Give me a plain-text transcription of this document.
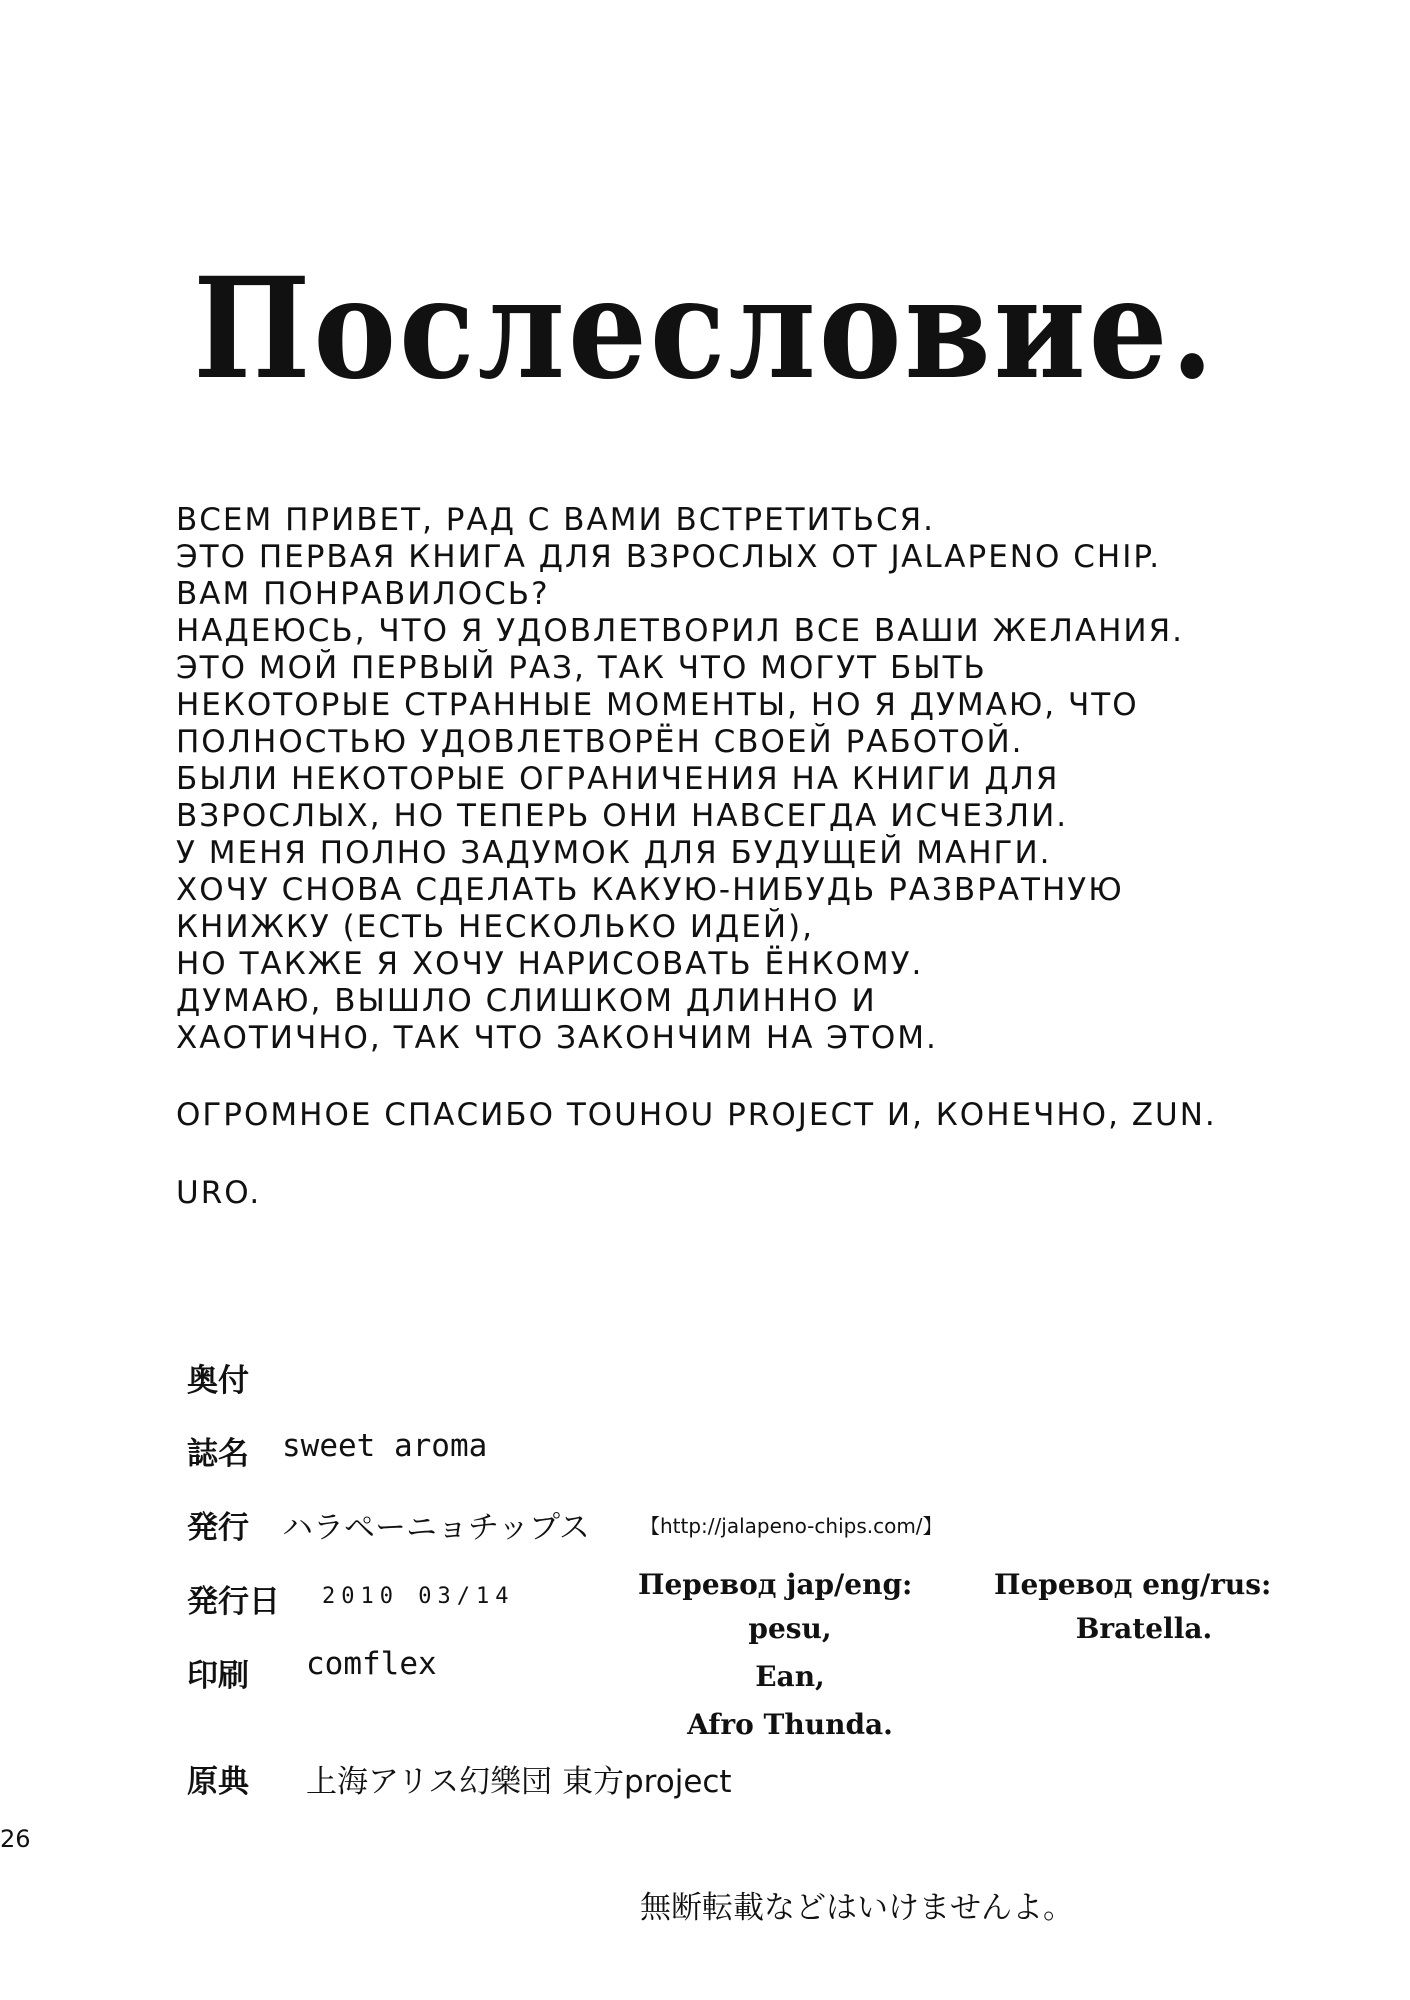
Послесловие.
ВСЕМ ПРИВЕТ, РАД С ВАМИ ВСТРЕТИТЬСЯ.
ЭТО ПЕРВАЯ КНИГА ДЛЯ ВЗРОСЛЫХ ОТ JALAPENO CHIP.
ВАМ ПОНРАВИЛОСЬ?
НАДЕЮСЬ, ЧТО Я УДОВЛЕТВОРИЛ ВСЕ ВАШИ ЖЕЛАНИЯ.
ЭТО МОЙ ПЕРВЫЙ РАЗ, ТАК ЧТО МОГУТ БЫТЬ
НЕКОТОРЫЕ СТРАННЫЕ МОМЕНТЫ, НО Я ДУМАЮ, ЧТО
ПОЛНОСТЬЮ УДОВЛЕТВОРЁН СВОЕЙ РАБОТОЙ.
БЫЛИ НЕКОТОРЫЕ ОГРАНИЧЕНИЯ НА КНИГИ ДЛЯ
ВЗРОСЛЫХ, НО ТЕПЕРЬ ОНИ НАВСЕГДА ИСЧЕЗЛИ.
У МЕНЯ ПОЛНО ЗАДУМОК ДЛЯ БУДУЩЕЙ МАНГИ.
ХОЧУ СНОВА СДЕЛАТЬ КАКУЮ-НИБУДЬ РАЗВРАТНУЮ
КНИЖКУ (ЕСТЬ НЕСКОЛЬКО ИДЕЙ),
НО ТАКЖЕ Я ХОЧУ НАРИСОВАТЬ ЁНКОМУ.
ДУМАЮ, ВЫШЛО СЛИШКОМ ДЛИННО И
ХАОТИЧНО, ТАК ЧТО ЗАКОНЧИМ НА ЭТОМ.
ОГРОМНОЕ СПАСИБО TOUHOU PROJECT И, КОНЕЧНО, ZUN.
URO.
奥付
誌名 sweet aroma
発行 ハラペーニョチップス	【http://jalapeno-chips.com/】
発行日 2010 03/14
印刷 comflex
原典 上海アリス幻樂団 東方project
Перевод jap/eng:
pesu,
Ean,
Afro Thunda.
Перевод eng/rus:
Bratella.
26
無断転載などはいけませんよ。
